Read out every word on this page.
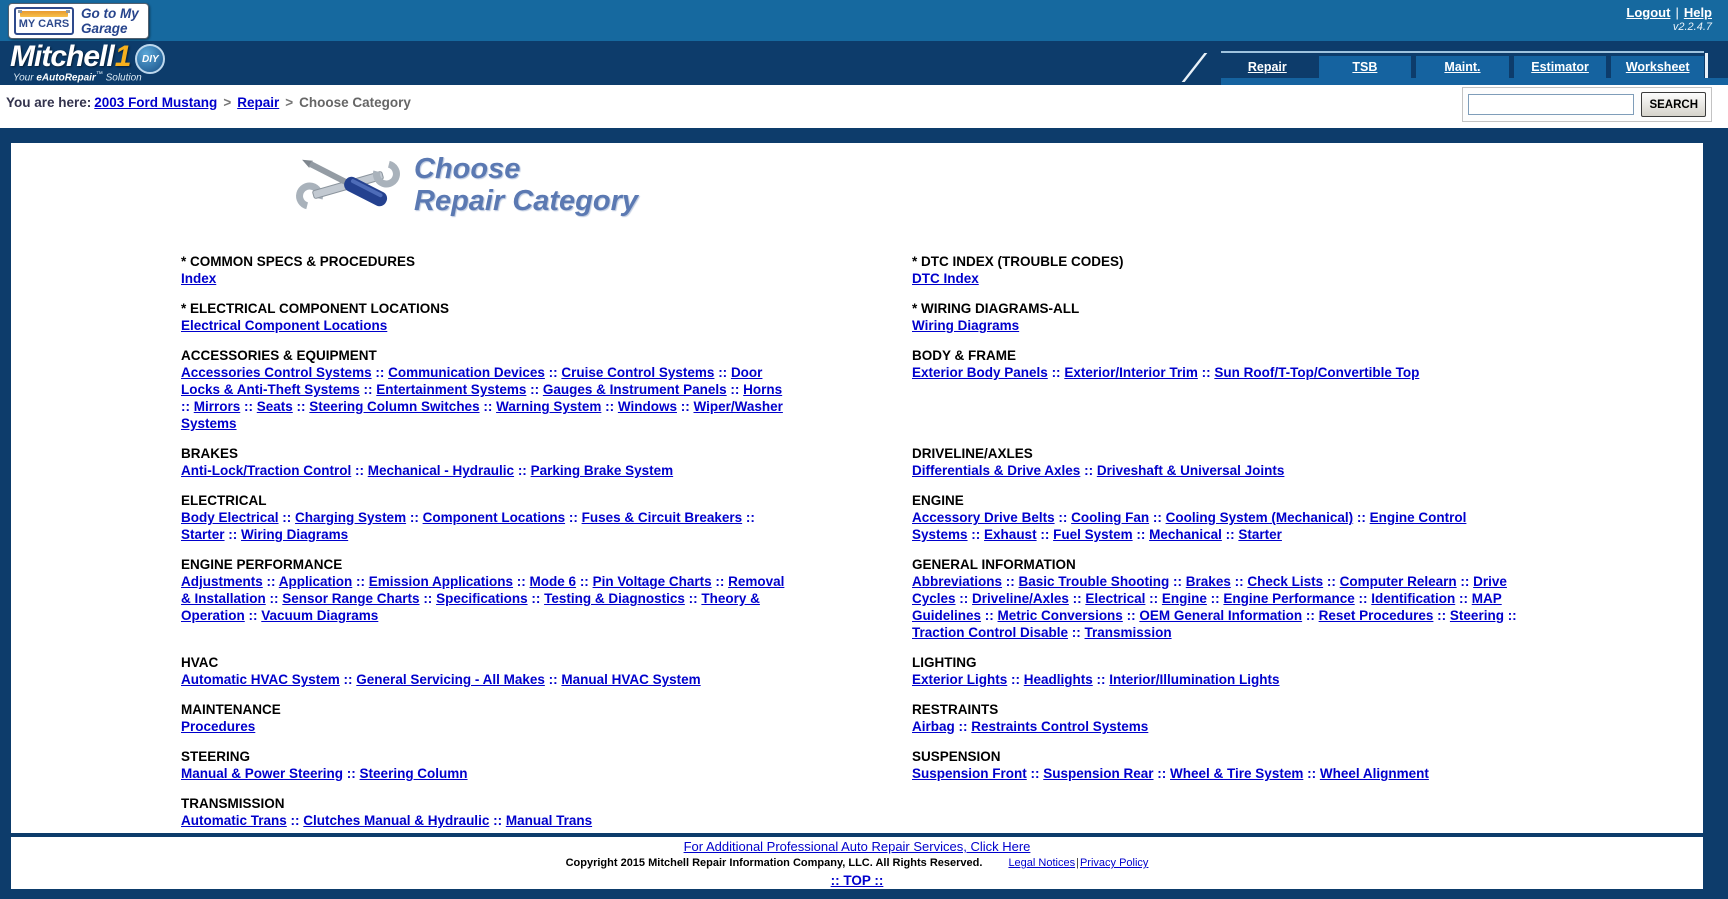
MY CARS
Go to My
Garage
Logout | Help
v2.2.4.7
Mitchell1	DIY
Your eAutoRepair™ Solution
Repair	TSB	Maint.	Estimator	Worksheet
You are here: 2003 Ford Mustang > Repair > Choose Category	SEARCH
Choose
Repair Category
* COMMON SPECS & PROCEDURES

Index

* DTC INDEX (TROUBLE CODES)

DTC Index

* ELECTRICAL COMPONENT LOCATIONS

Electrical Component Locations

* WIRING DIAGRAMS-ALL

Wiring Diagrams

ACCESSORIES & EQUIPMENT

Accessories Control Systems :: Communication Devices :: Cruise Control Systems :: Door Locks & Anti-Theft Systems :: Entertainment Systems :: Gauges & Instrument Panels :: Horns :: Mirrors :: Seats :: Steering Column Switches :: Warning System :: Windows :: Wiper/Washer Systems

BODY & FRAME

Exterior Body Panels :: Exterior/Interior Trim :: Sun Roof/T-Top/Convertible Top

BRAKES

Anti-Lock/Traction Control :: Mechanical - Hydraulic :: Parking Brake System

DRIVELINE/AXLES

Differentials & Drive Axles :: Driveshaft & Universal Joints

ELECTRICAL

Body Electrical :: Charging System :: Component Locations :: Fuses & Circuit Breakers :: Starter :: Wiring Diagrams

ENGINE

Accessory Drive Belts :: Cooling Fan :: Cooling System (Mechanical) :: Engine Control Systems :: Exhaust :: Fuel System :: Mechanical :: Starter

ENGINE PERFORMANCE

Adjustments :: Application :: Emission Applications :: Mode 6 :: Pin Voltage Charts :: Removal & Installation :: Sensor Range Charts :: Specifications :: Testing & Diagnostics :: Theory & Operation :: Vacuum Diagrams

GENERAL INFORMATION

Abbreviations :: Basic Trouble Shooting :: Brakes :: Check Lists :: Computer Relearn :: Drive Cycles :: Driveline/Axles :: Electrical :: Engine :: Engine Performance :: Identification :: MAP Guidelines :: Metric Conversions :: OEM General Information :: Reset Procedures :: Steering :: Traction Control Disable :: Transmission

HVAC

Automatic HVAC System :: General Servicing - All Makes :: Manual HVAC System

LIGHTING

Exterior Lights :: Headlights :: Interior/Illumination Lights

MAINTENANCE

Procedures

RESTRAINTS

Airbag :: Restraints Control Systems

STEERING

Manual & Power Steering :: Steering Column

SUSPENSION

Suspension Front :: Suspension Rear :: Wheel & Tire System :: Wheel Alignment

TRANSMISSION

Automatic Trans :: Clutches Manual & Hydraulic :: Manual Trans

For Additional Professional Auto Repair Services, Click Here
Copyright 2015 Mitchell Repair Information Company, LLC. All Rights Reserved. Legal Notices|Privacy Policy
:: TOP ::
